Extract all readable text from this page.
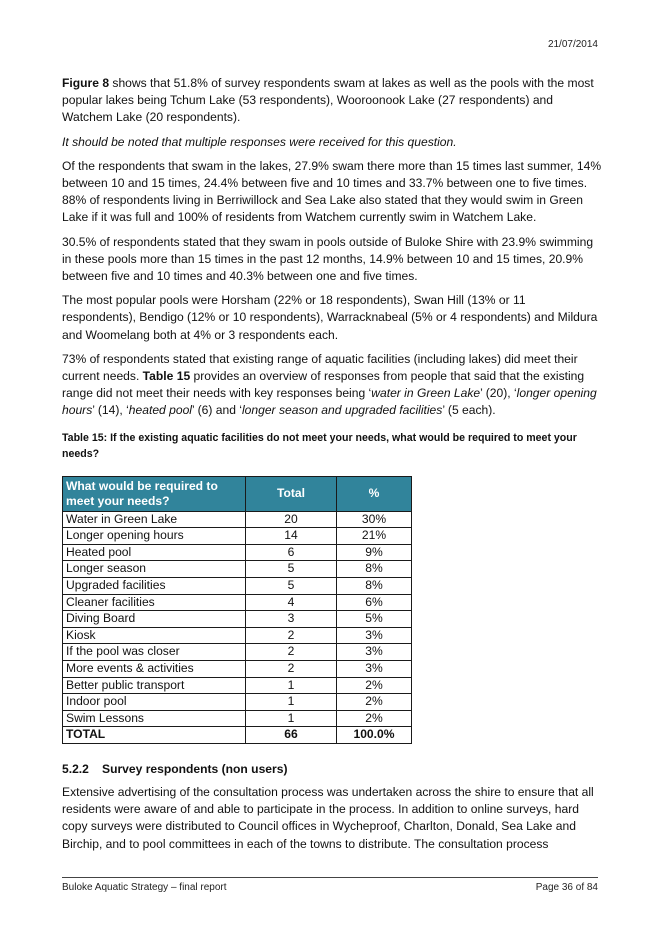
21/07/2014

Figure 8 shows that 51.8% of survey respondents swam at lakes as well as the pools with the most popular lakes being Tchum Lake (53 respondents), Wooroonook Lake (27 respondents) and Watchem Lake (20 respondents).

It should be noted that multiple responses were received for this question.

Of the respondents that swam in the lakes, 27.9% swam there more than 15 times last summer, 14% between 10 and 15 times, 24.4% between five and 10 times and 33.7% between one to five times. 88% of respondents living in Berriwillock and Sea Lake also stated that they would swim in Green Lake if it was full and 100% of residents from Watchem currently swim in Watchem Lake.

30.5% of respondents stated that they swam in pools outside of Buloke Shire with 23.9% swimming in these pools more than 15 times in the past 12 months, 14.9% between 10 and 15 times, 20.9% between five and 10 times and 40.3% between one and five times.

The most popular pools were Horsham (22% or 18 respondents), Swan Hill (13% or 11 respondents), Bendigo (12% or 10 respondents), Warracknabeal (5% or 4 respondents) and Mildura and Woomelang both at 4% or 3 respondents each.

73% of respondents stated that existing range of aquatic facilities (including lakes) did meet their current needs. Table 15 provides an overview of responses from people that said that the existing range did not meet their needs with key responses being ‘water in Green Lake’ (20), ‘longer opening hours’ (14), ‘heated pool’ (6) and ‘longer season and upgraded facilities’ (5 each).

Table 15: If the existing aquatic facilities do not meet your needs, what would be required to meet your needs?
What would be required to meet your needs?	Total	%
Water in Green Lake	20	30%
Longer opening hours	14	21%
Heated pool	6	9%
Longer season	5	8%
Upgraded facilities	5	8%
Cleaner facilities	4	6%
Diving Board	3	5%
Kiosk	2	3%
If the pool was closer	2	3%
More events & activities	2	3%
Better public transport	1	2%
Indoor pool	1	2%
Swim Lessons	1	2%
TOTAL	66	100.0%
5.2.2 Survey respondents (non users)

Extensive advertising of the consultation process was undertaken across the shire to ensure that all residents were aware of and able to participate in the process. In addition to online surveys, hard copy surveys were distributed to Council offices in Wycheproof, Charlton, Donald, Sea Lake and Birchip, and to pool committees in each of the towns to distribute. The consultation process

Buloke Aquatic Strategy – final report	Page 36 of 84
